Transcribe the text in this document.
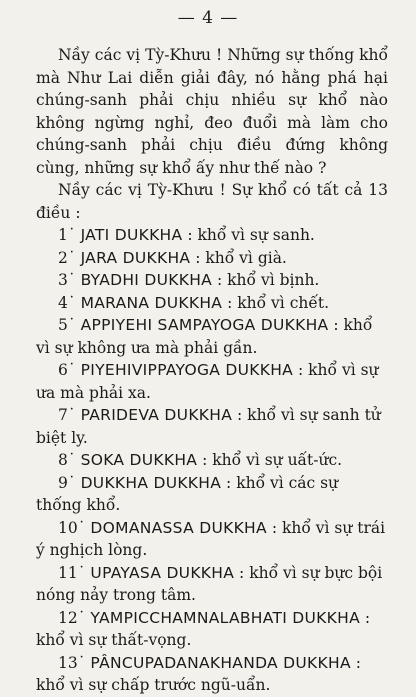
— 4 —

Nầy các vị Tỳ-Khưu ! Những sự thống khổ mà Như Lai diễn giải đây, nó hằng phá hại chúng-sanh phải chịu nhiều sự khổ nào không ngừng nghỉ, đeo đuổi mà làm cho chúng-sanh phải chịu điều đứng không cùng, những sự khổ ấy như thế nào ?

Nầy các vị Tỳ-Khưu ! Sự khổ có tất cả 13 điều :

1˙ JATI DUKKHA : khổ vì sự sanh.

2˙ JARA DUKKHA : khổ vì già.

3˙ BYADHI DUKKHA : khổ vì bịnh.

4˙ MARANA DUKKHA : khổ vì chết.

5˙ APPIYEHI SAMPAYOGA DUKKHA : khổ vì sự không ưa mà phải gần.

6˙ PIYEHIVIPPAYOGA DUKKHA : khổ vì sự ưa mà phải xa.

7˙ PARIDEVA DUKKHA : khổ vì sự sanh tử biệt ly.

8˙ SOKA DUKKHA : khổ vì sự uất-ức.

9˙ DUKKHA DUKKHA : khổ vì các sự thống khổ.

10˙ DOMANASSA DUKKHA : khổ vì sự trái ý nghịch lòng.

11˙ UPAYASA DUKKHA : khổ vì sự bực bội nóng nảy trong tâm.

12˙ YAMPICCHAMNALABHATI DUKKHA : khổ vì sự thất-vọng.

13˙ PÂNCUPADANAKHANDA DUKKHA : khổ vì sự chấp trước ngũ-uẩn.
